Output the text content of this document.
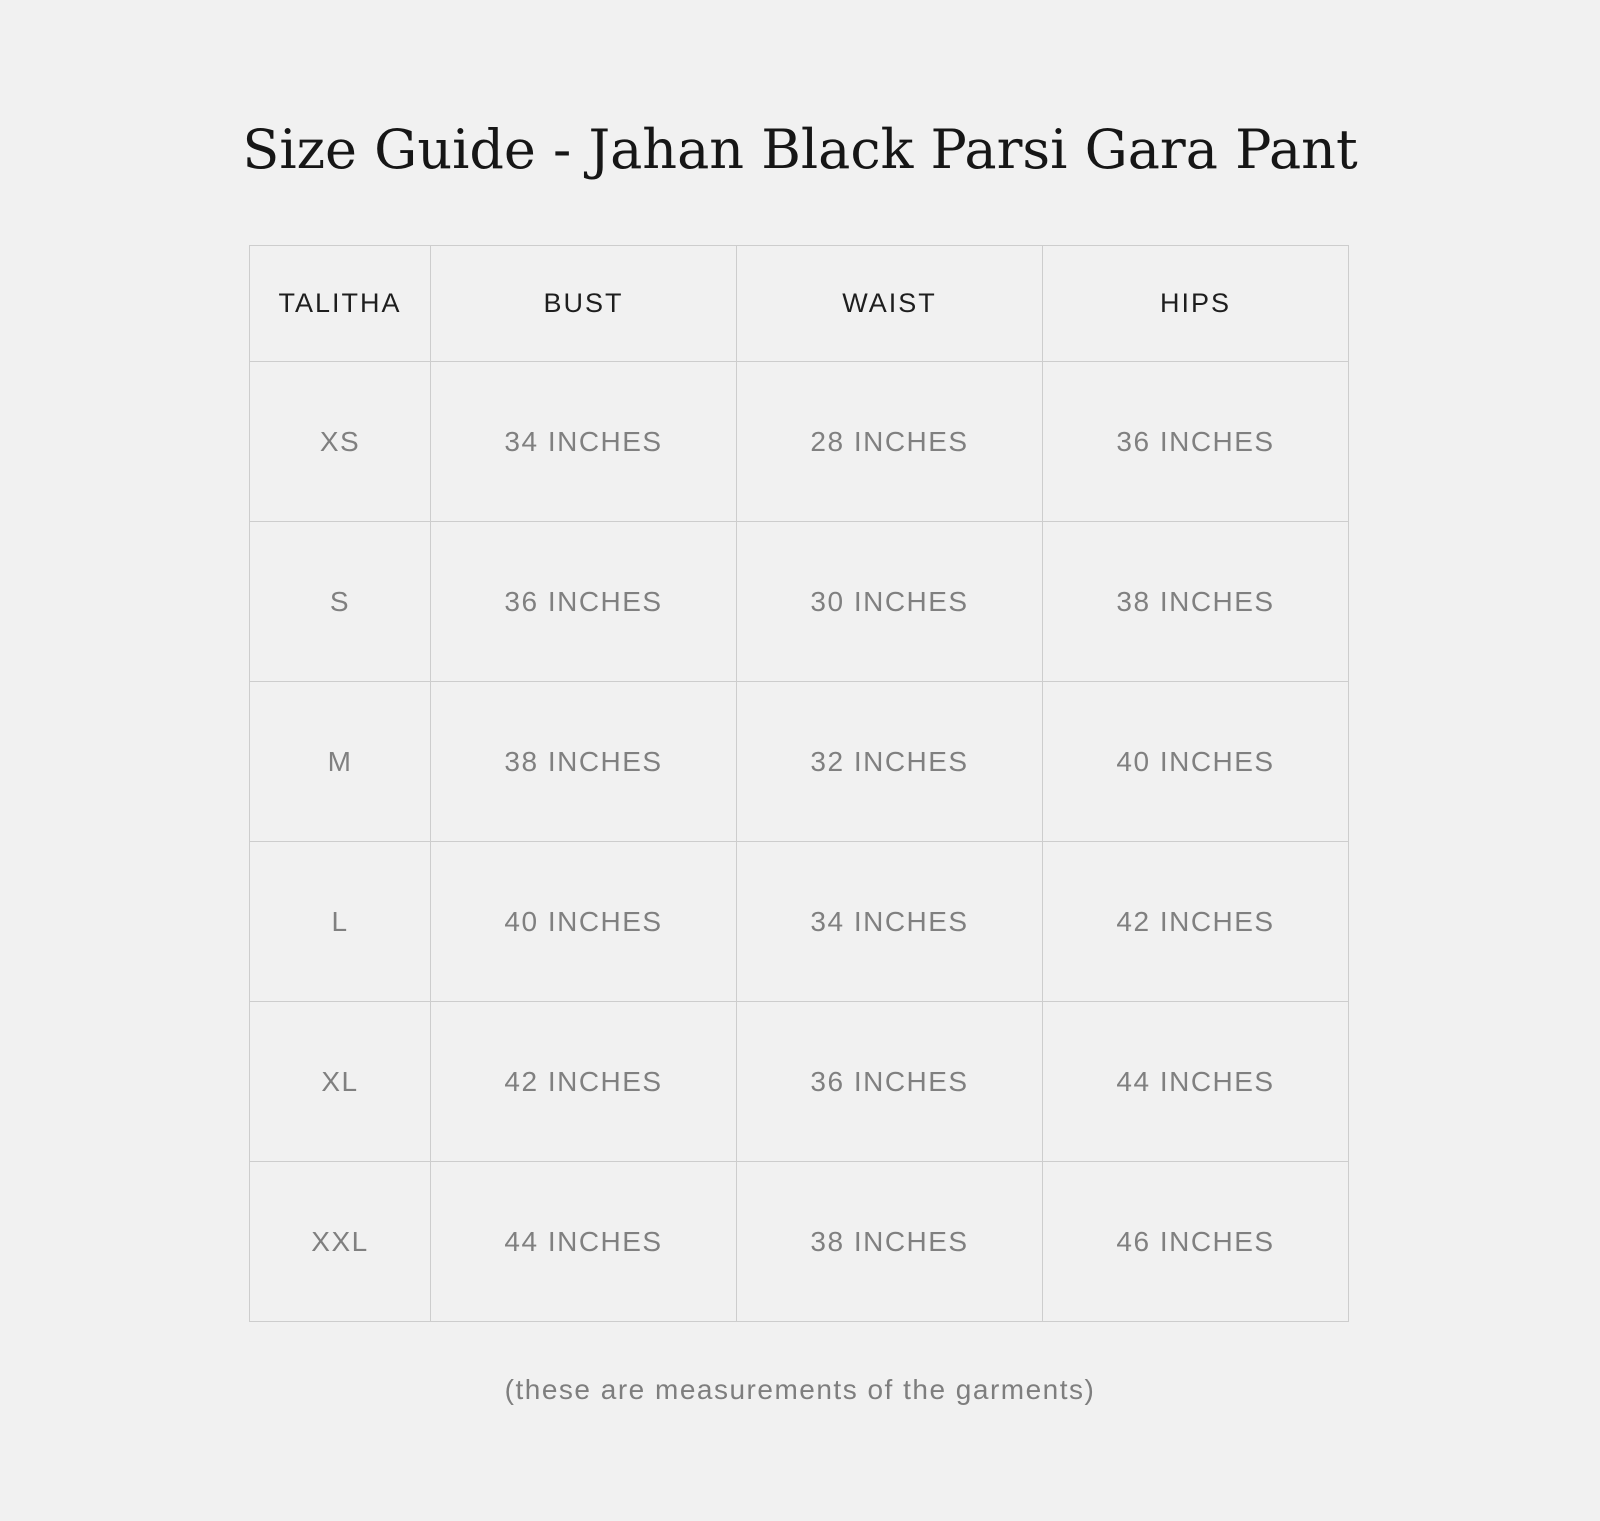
Size Guide - Jahan Black Parsi Gara Pant
TALITHA	BUST	WAIST	HIPS
XS	34 INCHES	28 INCHES	36 INCHES
S	36 INCHES	30 INCHES	38 INCHES
M	38 INCHES	32 INCHES	40 INCHES
L	40 INCHES	34 INCHES	42 INCHES
XL	42 INCHES	36 INCHES	44 INCHES
XXL	44 INCHES	38 INCHES	46 INCHES
(these are measurements of the garments)
